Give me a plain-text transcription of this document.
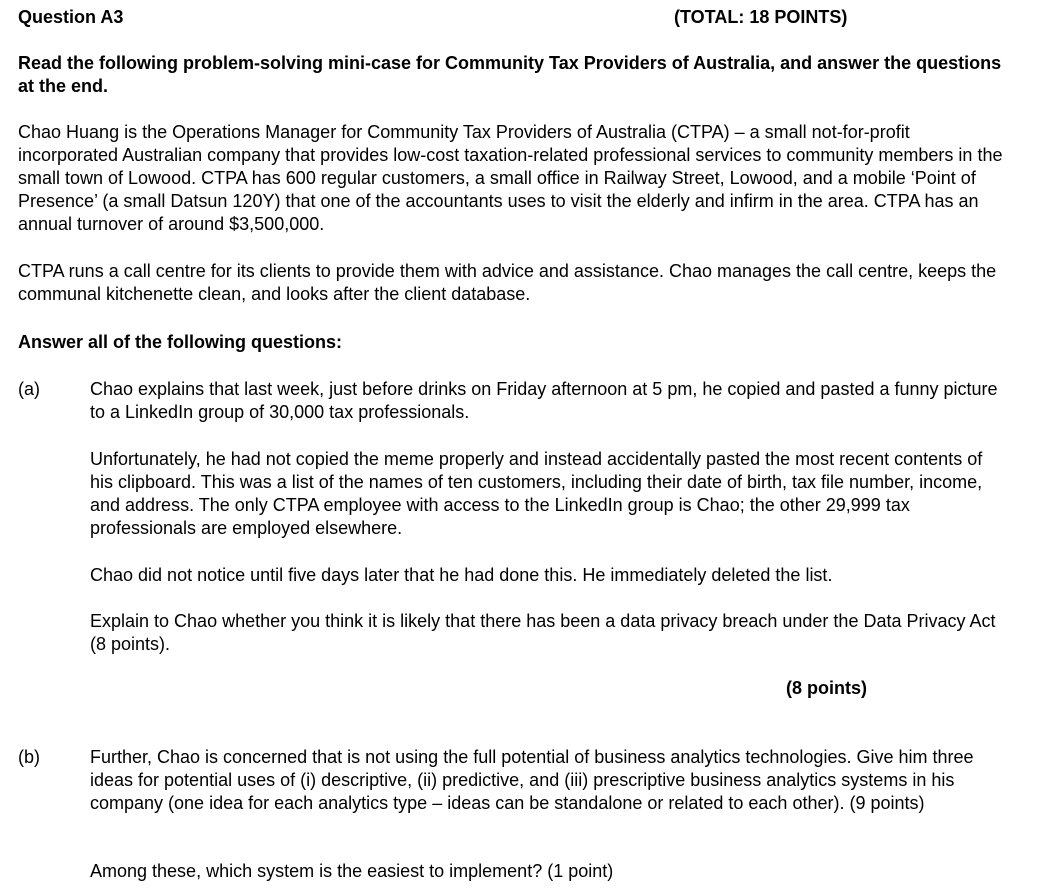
Question A3	(TOTAL: 18 POINTS)

Read the following problem-solving mini-case for Community Tax Providers of Australia, and answer the questions at the end.

Chao Huang is the Operations Manager for Community Tax Providers of Australia (CTPA) – a small not-for-profit incorporated Australian company that provides low-cost taxation-related professional services to community members in the small town of Lowood. CTPA has 600 regular customers, a small office in Railway Street, Lowood, and a mobile ‘Point of Presence’ (a small Datsun 120Y) that one of the accountants uses to visit the elderly and infirm in the area. CTPA has an annual turnover of around $3,500,000.

CTPA runs a call centre for its clients to provide them with advice and assistance. Chao manages the call centre, keeps the communal kitchenette clean, and looks after the client database.

Answer all of the following questions:

(a)	Chao explains that last week, just before drinks on Friday afternoon at 5 pm, he copied and pasted a funny picture to a LinkedIn group of 30,000 tax professionals.

Unfortunately, he had not copied the meme properly and instead accidentally pasted the most recent contents of his clipboard. This was a list of the names of ten customers, including their date of birth, tax file number, income, and address. The only CTPA employee with access to the LinkedIn group is Chao; the other 29,999 tax professionals are employed elsewhere.

Chao did not notice until five days later that he had done this. He immediately deleted the list.

Explain to Chao whether you think it is likely that there has been a data privacy breach under the Data Privacy Act (8 points).

(8 points)
(b)	Further, Chao is concerned that is not using the full potential of business analytics technologies. Give him three ideas for potential uses of (i) descriptive, (ii) predictive, and (iii) prescriptive business analytics systems in his company (one idea for each analytics type – ideas can be standalone or related to each other). (9 points)

Among these, which system is the easiest to implement? (1 point)
